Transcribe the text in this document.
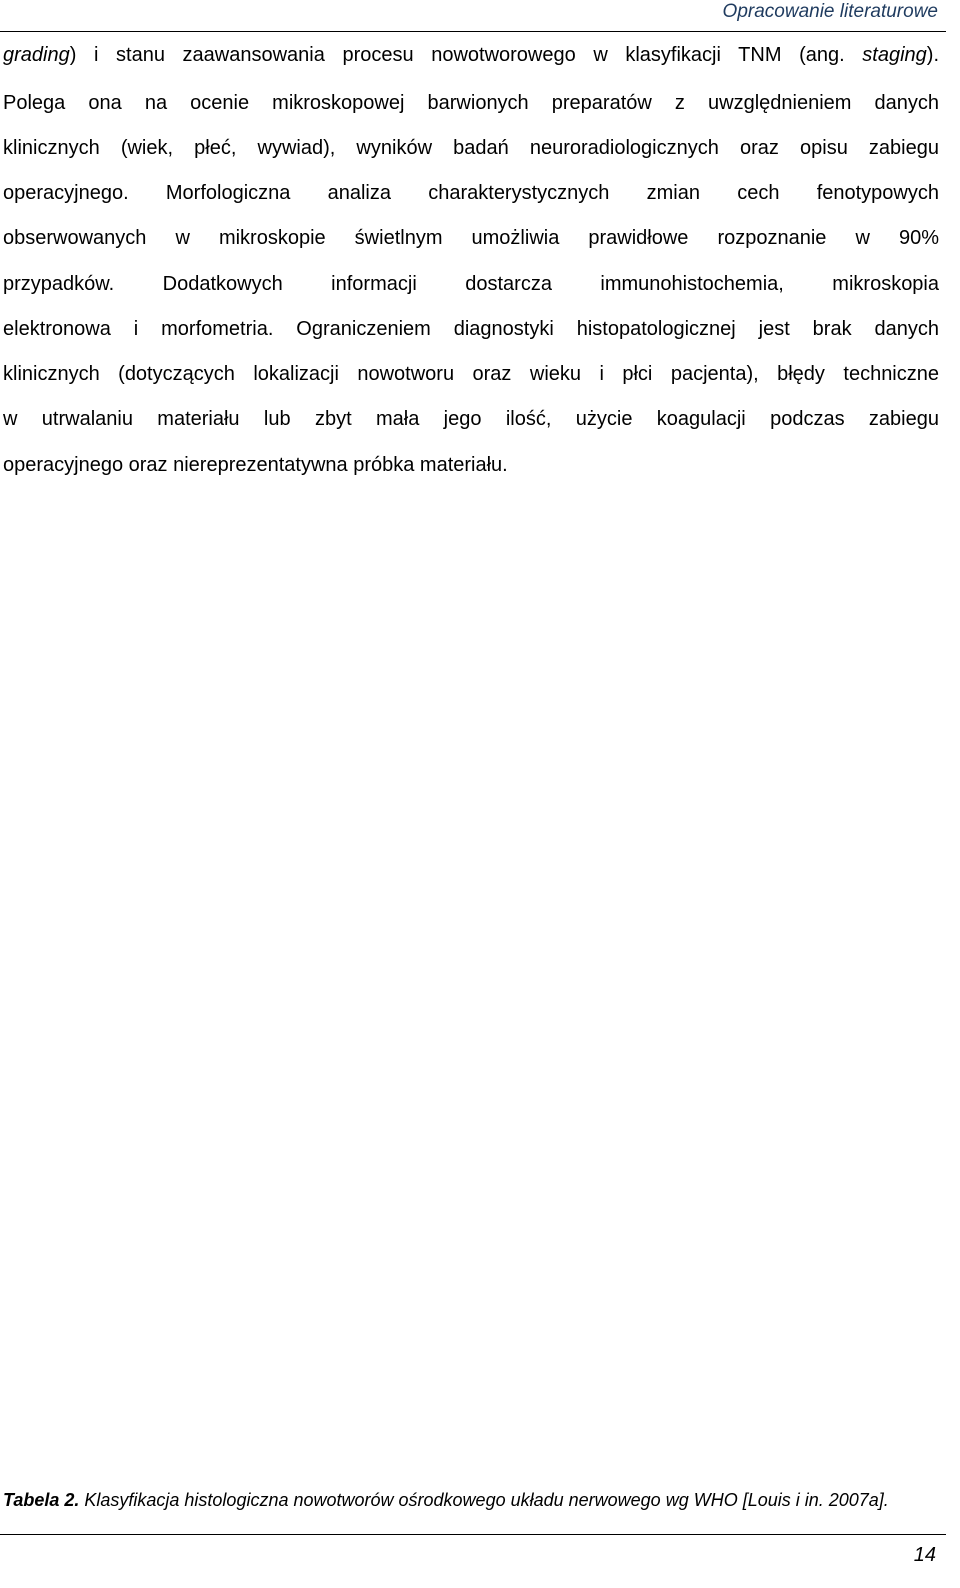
Opracowanie literaturowe
grading) i stanu zaawansowania procesu nowotworowego w klasyfikacji TNM (ang. staging).
Polega ona na ocenie mikroskopowej barwionych preparatów z uwzględnieniem danych
klinicznych (wiek, płeć, wywiad), wyników badań neuroradiologicznych oraz opisu zabiegu
operacyjnego. Morfologiczna analiza charakterystycznych zmian cech fenotypowych
obserwowanych w mikroskopie świetlnym umożliwia prawidłowe rozpoznanie w 90%
przypadków. Dodatkowych informacji dostarcza immunohistochemia, mikroskopia
elektronowa i morfometria. Ograniczeniem diagnostyki histopatologicznej jest brak danych
klinicznych (dotyczących lokalizacji nowotworu oraz wieku i płci pacjenta), błędy techniczne
w utrwalaniu materiału lub zbyt mała jego ilość, użycie koagulacji podczas zabiegu
operacyjnego oraz niereprezentatywna próbka materiału.
Tabela 2. Klasyfikacja histologiczna nowotworów ośrodkowego układu nerwowego wg WHO [Louis i in. 2007a].
14
